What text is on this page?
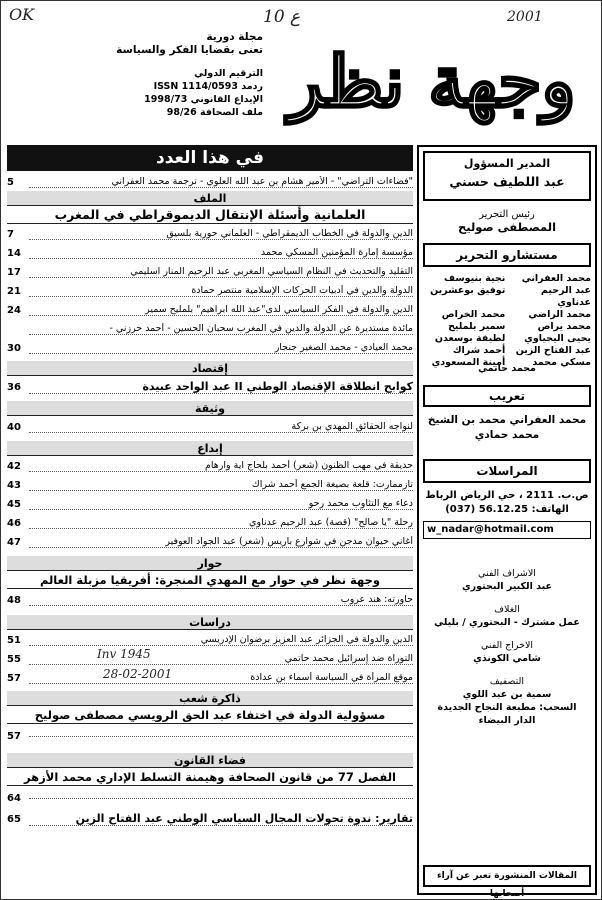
OK	ع 10	2001
وجهة نظر
مجلة دورية
تعنى بقضايا الفكر والسياسة
الترقيم الدولي
ردمد ISSN 1114/0593
الإيداع القانوني 1998/73
ملف الصحافة 98/26
في هذا العدد
"فضاءات التراضي" - الأمير هشام بن عبد الله العلوي - ترجمة محمد العفراني
5
الملف
العلمانية وأسئلة الإنتقال الديموقراطي في المغرب
الدين والدولة في الخطاب الديمقراطي - العلماني حورية بلسيق
7
مؤسسة إمارة المؤمنين المسكي محمد
14
التقليد والتحديث في النظام السياسي المغربي عبد الرحيم المنار اسليمي
17
الدولة والدين في أدبيات الحركات الإسلامية منتصر حمادة
21
الدين والدولة في الفكر السياسي لدى"عبد الله ابراهيم" بلمليح سمير
24
مائدة مستديرة عن الدولة والدين في المغرب سحبان الحسين - أحمد حرزني -
محمد العيادي - محمد الصغير جنجار
30
إقتصاد
كوابح انطلاقة الإقتصاد الوطني II عبد الواحد عبيدة
36
وثيقة
لنواجه الحقائق المهدي بن بركة
40
إبداع
حديقة في مهب الظنون (شعر) أحمد بلحاج آية وارهام
42
تازممارت: قلعة بصيغة الجمع أحمد شراك
43
دعاء مع التثاوب محمد رحو
45
رحلة "يا صالح" (قصة) عبد الرحيم عدناوي
46
أغاني حيوان مدجن في شوارع باريس (شعر) عبد الجواد العوفير
47
حوار
وجهة نظر في حوار مع المهدي المنجرة: أفريقيا مزبلة العالم
حاورته: هند عروب
48
دراسات
الدين والدولة في الجزائر عبد العزيز برضوان الإدريسي
51
التوراة ضد إسرائيل محمد حاتمي
55
موقع المرأة في السياسة أسماء بن عدادة
57
Inv 1945
28-02-2001
ذاكرة شعب
مسؤولية الدولة في اختفاء عبد الحق الرويسي مصطفى صوليح
57
فضاء القانون
الفصل 77 من قانون الصحافة وهيمنة التسلط الإداري محمد الأزهر
64
تقارير: ندوة تحولات المجال السياسي الوطني عبد الفتاح الزين
65
المدير المسؤول
عبد اللطيف حسني
رئيس التحرير
المصطفى صوليح
مستشارو التحرير
محمد العفراني
نجية بنيوسف
عبد الرحيم عدناوي
توفيق بوعشرين
محمد الراضي
محمد الخراص
محمد يراص
سمير بلمليح
يحيى اليحياوي
لطيفة بوسعدن
عبد الفتاح الزين
أحمد شراك
مسكي محمد
أمينة المسعودي
محمد حاتمي
تعريب
محمد العفراني محمد بن الشيخ
محمد حمادي
المراسلات
ص.ب. 2111 ، حي الرياض الرباط
الهاتف: 56.12.25 (037)
w_nadar@hotmail.com
الاشراف الفني
عبد الكبير البحتوري
الغلاف
عمل مشترك - البحتوري / بليلي
الاخراج الفني
شامي الكونذي
التصفيف
سمية بن عبد اللوي
السحب: مطبعة النجاح الجديدة
الدار البيضاء
المقالات المنشورة تعبر عن آراء أصحابها
